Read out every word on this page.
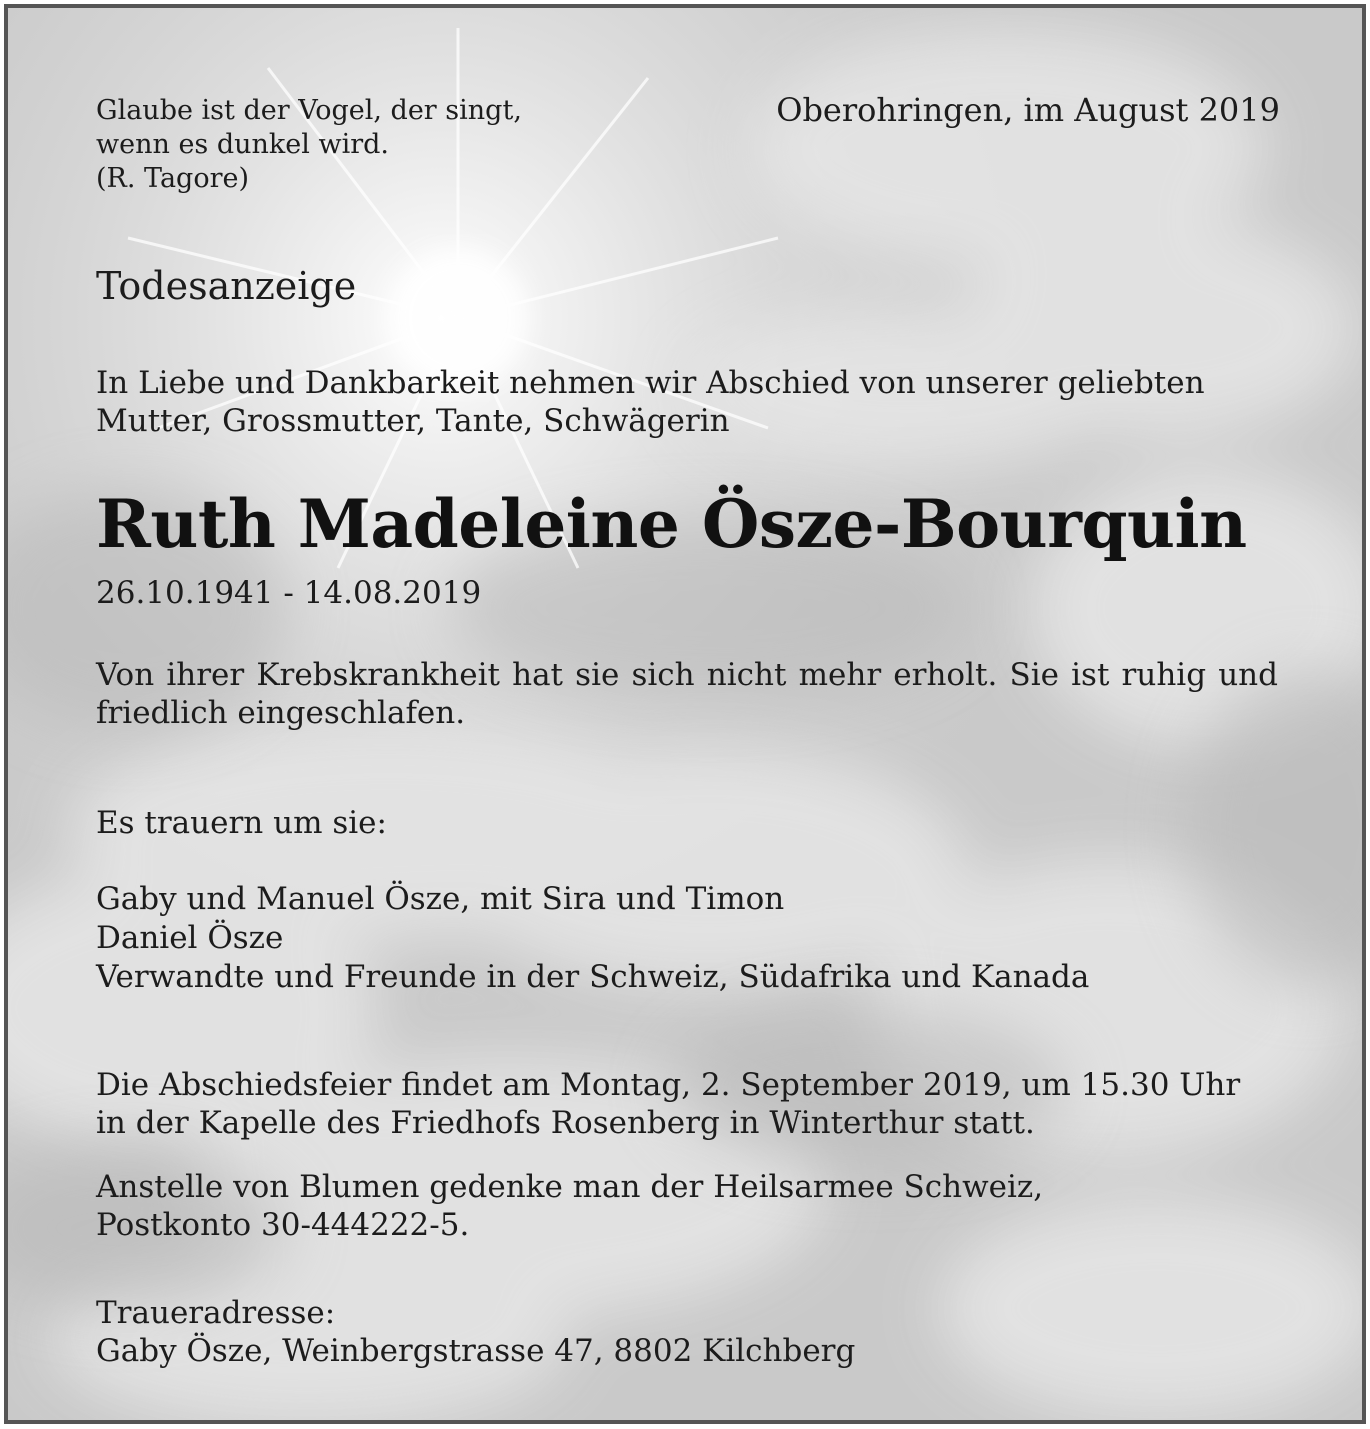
Glaube ist der Vogel, der singt,
wenn es dunkel wird.
(R. Tagore)
Oberohringen, im August 2019
Todesanzeige
In Liebe und Dankbarkeit nehmen wir Abschied von unserer geliebten
Mutter, Grossmutter, Tante, Schwägerin
Ruth Madeleine Ösze-Bourquin
26.10.1941 - 14.08.2019
Von ihrer Krebskrankheit hat sie sich nicht mehr erholt. Sie ist ruhig und friedlich eingeschlafen.
Es trauern um sie:
Gaby und Manuel Ösze, mit Sira und Timon
Daniel Ösze
Verwandte und Freunde in der Schweiz, Südafrika und Kanada
Die Abschiedsfeier findet am Montag, 2. September 2019, um 15.30 Uhr
in der Kapelle des Friedhofs Rosenberg in Winterthur statt.
Anstelle von Blumen gedenke man der Heilsarmee Schweiz,
Postkonto 30-444222-5.
Traueradresse:
Gaby Ösze, Weinbergstrasse 47, 8802 Kilchberg
